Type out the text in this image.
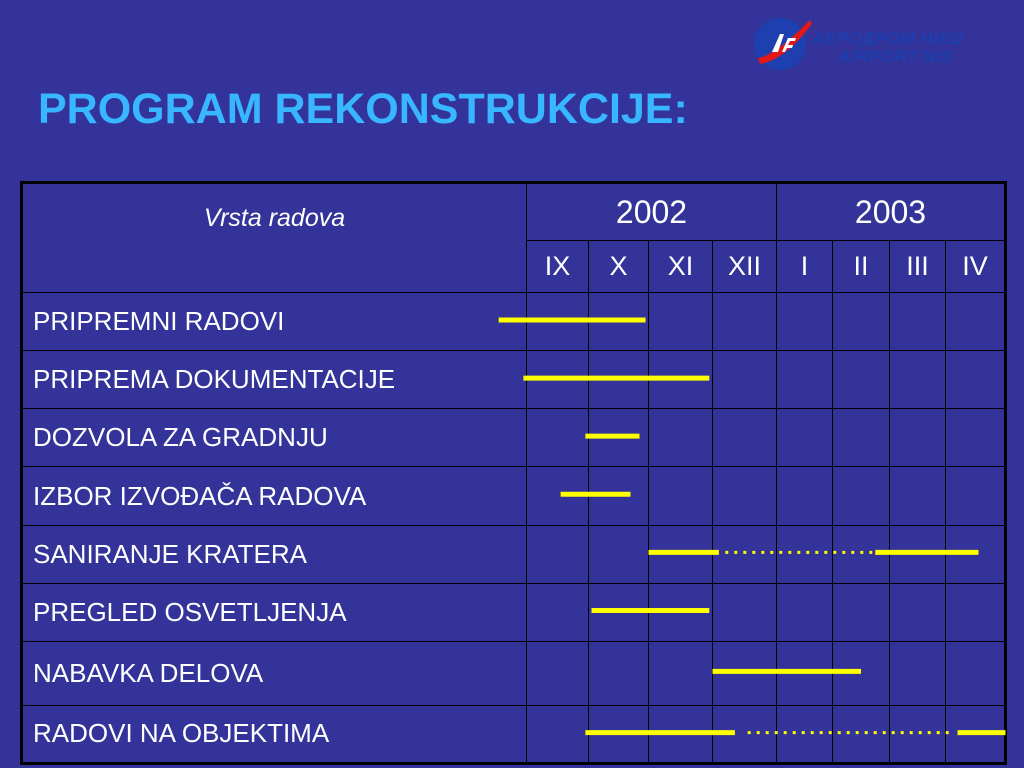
АЕРОДРОМ НИШ
AIRPORT NIS
PROGRAM REKONSTRUKCIJE:
Vrsta radova	2002				2003			
	IX	X	XI	XII	I	II	III	IV
PRIPREMNI RADOVI								
PRIPREMA DOKUMENTACIJE								
DOZVOLA ZA GRADNJU								
IZBOR IZVOĐAČA RADOVA								
SANIRANJE KRATERA								
PREGLED OSVETLJENJA								
NABAVKA DELOVA								
RADOVI NA OBJEKTIMA								
